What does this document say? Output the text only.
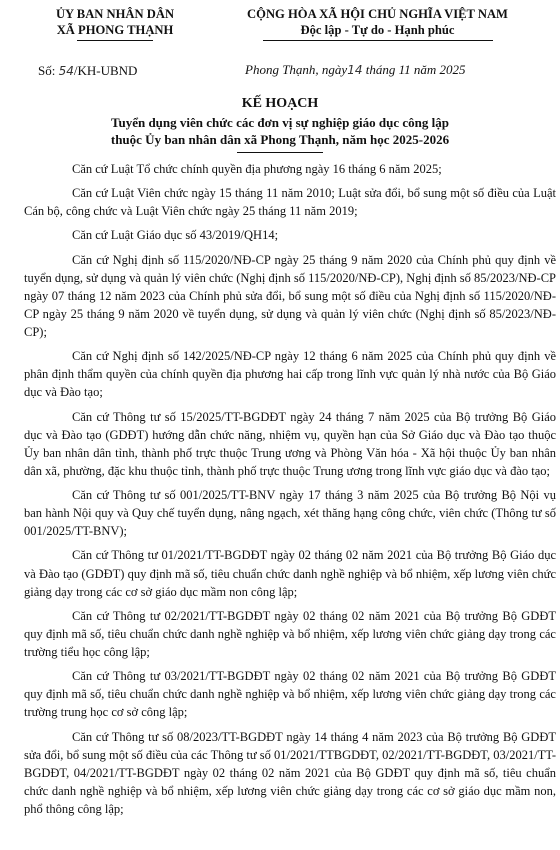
ỦY BAN NHÂN DÂN
XÃ PHONG THẠNH
CỘNG HÒA XÃ HỘI CHỦ NGHĨA VIỆT NAM
Độc lập - Tự do - Hạnh phúc
Số: 54/KH-UBND	Phong Thạnh, ngày14 tháng 11 năm 2025
KẾ HOẠCH
Tuyển dụng viên chức các đơn vị sự nghiệp giáo dục công lập
thuộc Ủy ban nhân dân xã Phong Thạnh, năm học 2025-2026

Căn cứ Luật Tổ chức chính quyền địa phương ngày 16 tháng 6 năm 2025;

Căn cứ Luật Viên chức ngày 15 tháng 11 năm 2010; Luật sửa đổi, bổ sung một số điều của Luật Cán bộ, công chức và Luật Viên chức ngày 25 tháng 11 năm 2019;

Căn cứ Luật Giáo dục số 43/2019/QH14;

Căn cứ Nghị định số 115/2020/NĐ-CP ngày 25 tháng 9 năm 2020 của Chính phủ quy định về tuyển dụng, sử dụng và quản lý viên chức (Nghị định số 115/2020/NĐ-CP), Nghị định số 85/2023/NĐ-CP ngày 07 tháng 12 năm 2023 của Chính phủ sửa đổi, bổ sung một số điều của Nghị định số 115/2020/NĐ-CP ngày 25 tháng 9 năm 2020 về tuyển dụng, sử dụng và quản lý viên chức (Nghị định số 85/2023/NĐ-CP);

Căn cứ Nghị định số 142/2025/NĐ-CP ngày 12 tháng 6 năm 2025 của Chính phủ quy định về phân định thẩm quyền của chính quyền địa phương hai cấp trong lĩnh vực quản lý nhà nước của Bộ Giáo dục và Đào tạo;

Căn cứ Thông tư số 15/2025/TT-BGDĐT ngày 24 tháng 7 năm 2025 của Bộ trưởng Bộ Giáo dục và Đào tạo (GDĐT) hướng dẫn chức năng, nhiệm vụ, quyền hạn của Sở Giáo dục và Đào tạo thuộc Ủy ban nhân dân tỉnh, thành phố trực thuộc Trung ương và Phòng Văn hóa - Xã hội thuộc Ủy ban nhân dân xã, phường, đặc khu thuộc tỉnh, thành phố trực thuộc Trung ương trong lĩnh vực giáo dục và đào tạo;

Căn cứ Thông tư số 001/2025/TT-BNV ngày 17 tháng 3 năm 2025 của Bộ trưởng Bộ Nội vụ ban hành Nội quy và Quy chế tuyển dụng, nâng ngạch, xét thăng hạng công chức, viên chức (Thông tư số 001/2025/TT-BNV);

Căn cứ Thông tư 01/2021/TT-BGDĐT ngày 02 tháng 02 năm 2021 của Bộ trưởng Bộ Giáo dục và Đào tạo (GDĐT) quy định mã số, tiêu chuẩn chức danh nghề nghiệp và bổ nhiệm, xếp lương viên chức giảng dạy trong các cơ sở giáo dục mầm non công lập;

Căn cứ Thông tư 02/2021/TT-BGDĐT ngày 02 tháng 02 năm 2021 của Bộ trưởng Bộ GDĐT quy định mã số, tiêu chuẩn chức danh nghề nghiệp và bổ nhiệm, xếp lương viên chức giảng dạy trong các trường tiểu học công lập;

Căn cứ Thông tư 03/2021/TT-BGDĐT ngày 02 tháng 02 năm 2021 của Bộ trưởng Bộ GDĐT quy định mã số, tiêu chuẩn chức danh nghề nghiệp và bổ nhiệm, xếp lương viên chức giảng dạy trong các trường trung học cơ sở công lập;

Căn cứ Thông tư số 08/2023/TT-BGDĐT ngày 14 tháng 4 năm 2023 của Bộ trưởng Bộ GDĐT sửa đổi, bổ sung một số điều của các Thông tư số 01/2021/TTBGDĐT, 02/2021/TT-BGDĐT, 03/2021/TT-BGDĐT, 04/2021/TT-BGDĐT ngày 02 tháng 02 năm 2021 của Bộ GDĐT quy định mã số, tiêu chuẩn chức danh nghề nghiệp và bổ nhiệm, xếp lương viên chức giảng dạy trong các cơ sở giáo dục mầm non, phổ thông công lập;
